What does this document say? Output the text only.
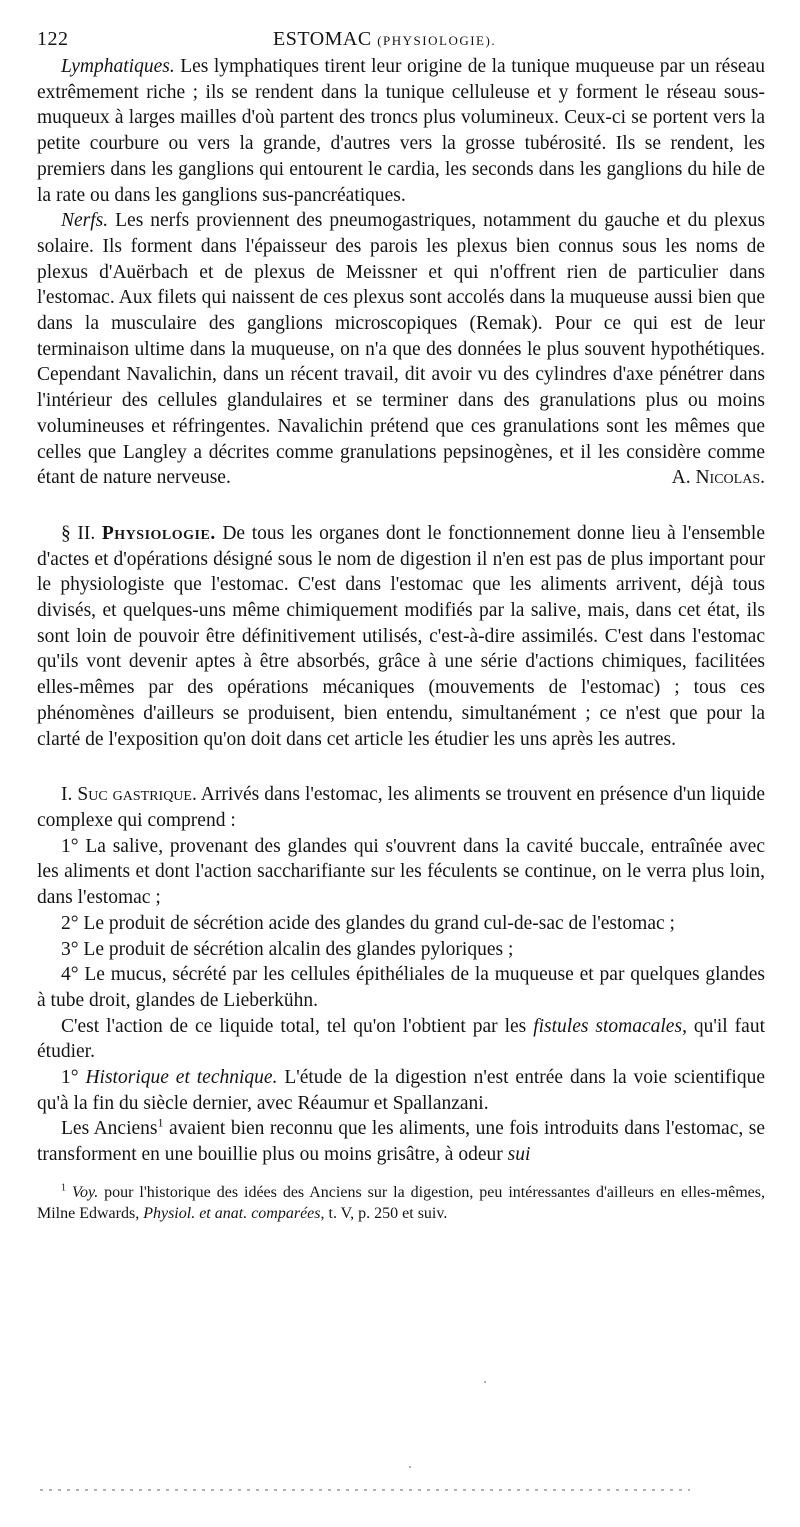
122	ESTOMAC (PHYSIOLOGIE).

Lymphatiques. Les lymphatiques tirent leur origine de la tunique muqueuse par un réseau extrêmement riche ; ils se rendent dans la tunique celluleuse et y forment le réseau sous-muqueux à larges mailles d'où partent des troncs plus volumineux. Ceux-ci se portent vers la petite courbure ou vers la grande, d'autres vers la grosse tubérosité. Ils se rendent, les premiers dans les ganglions qui entourent le cardia, les seconds dans les ganglions du hile de la rate ou dans les ganglions sus-pancréatiques.

Nerfs. Les nerfs proviennent des pneumogastriques, notamment du gauche et du plexus solaire. Ils forment dans l'épaisseur des parois les plexus bien connus sous les noms de plexus d'Auërbach et de plexus de Meissner et qui n'offrent rien de particulier dans l'estomac. Aux filets qui naissent de ces plexus sont accolés dans la muqueuse aussi bien que dans la musculaire des ganglions microscopiques (Remak). Pour ce qui est de leur terminaison ultime dans la muqueuse, on n'a que des données le plus souvent hypothétiques. Cependant Navalichin, dans un récent travail, dit avoir vu des cylindres d'axe pénétrer dans l'intérieur des cellules glandulaires et se terminer dans des granulations plus ou moins volumineuses et réfringentes. Navalichin prétend que ces granulations sont les mêmes que celles que Langley a décrites comme granulations pepsinogènes, et il les considère comme étant de nature nerveuse.	A. Nicolas.

§ II. Physiologie. De tous les organes dont le fonctionnement donne lieu à l'ensemble d'actes et d'opérations désigné sous le nom de digestion il n'en est pas de plus important pour le physiologiste que l'estomac. C'est dans l'estomac que les aliments arrivent, déjà tous divisés, et quelques-uns même chimiquement modifiés par la salive, mais, dans cet état, ils sont loin de pouvoir être définitivement utilisés, c'est-à-dire assimilés. C'est dans l'estomac qu'ils vont devenir aptes à être absorbés, grâce à une série d'actions chimiques, facilitées elles-mêmes par des opérations mécaniques (mouvements de l'estomac) ; tous ces phénomènes d'ailleurs se produisent, bien entendu, simultanément ; ce n'est que pour la clarté de l'exposition qu'on doit dans cet article les étudier les uns après les autres.

I. Suc gastrique. Arrivés dans l'estomac, les aliments se trouvent en présence d'un liquide complexe qui comprend :

1° La salive, provenant des glandes qui s'ouvrent dans la cavité buccale, entraînée avec les aliments et dont l'action saccharifiante sur les féculents se continue, on le verra plus loin, dans l'estomac ;

2° Le produit de sécrétion acide des glandes du grand cul-de-sac de l'estomac ;

3° Le produit de sécrétion alcalin des glandes pyloriques ;

4° Le mucus, sécrété par les cellules épithéliales de la muqueuse et par quelques glandes à tube droit, glandes de Lieberkühn.

C'est l'action de ce liquide total, tel qu'on l'obtient par les fistules stomacales, qu'il faut étudier.

1° Historique et technique. L'étude de la digestion n'est entrée dans la voie scientifique qu'à la fin du siècle dernier, avec Réaumur et Spallanzani.

Les Anciens$^1$ avaient bien reconnu que les aliments, une fois introduits dans l'estomac, se transforment en une bouillie plus ou moins grisâtre, à odeur sui

$^1$ Voy. pour l'historique des idées des Anciens sur la digestion, peu intéressantes d'ailleurs en elles-mêmes, Milne Edwards, Physiol. et anat. comparées, t. V, p. 250 et suiv.
